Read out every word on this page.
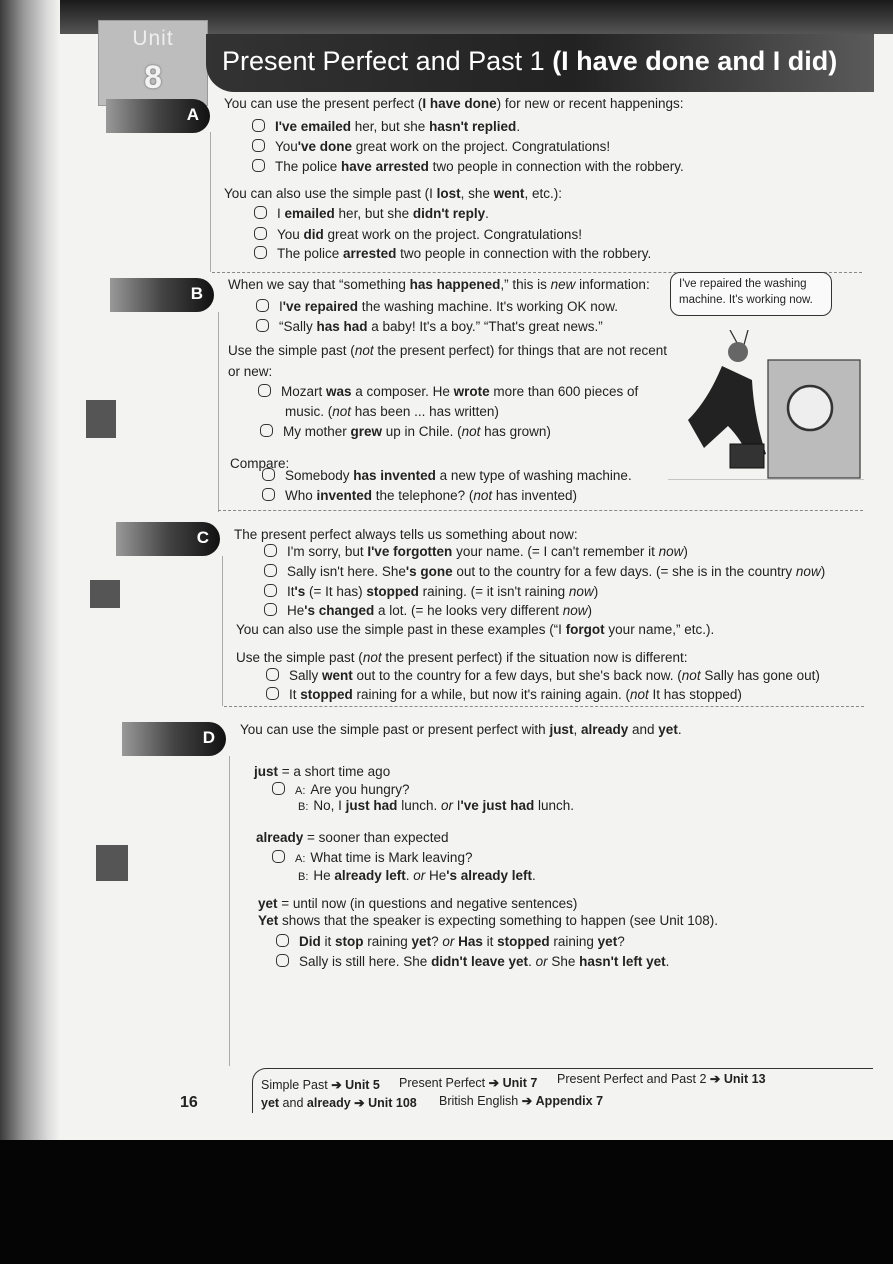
Unit
8	Present Perfect and Past 1 (I have done and I did)
A
You can use the present perfect (I have done) for new or recent happenings:
I've emailed her, but she hasn't replied.
You've done great work on the project. Congratulations!
The police have arrested two people in connection with the robbery.
You can also use the simple past (I lost, she went, etc.):
I emailed her, but she didn't reply.
You did great work on the project. Congratulations!
The police arrested two people in connection with the robbery.
B When we say that “something has happened,” this is new information:
I've repaired the washing machine. It's working OK now.
“Sally has had a baby! It's a boy.” “That's great news.”
Use the simple past (not the present perfect) for things that are not recent
or new:
Mozart was a composer. He wrote more than 600 pieces of
music. (not has been ... has written)
My mother grew up in Chile. (not has grown)
Compare:
Somebody has invented a new type of washing machine.
Who invented the telephone? (not has invented)
I've repaired the washing machine. It's working now.
C The present perfect always tells us something about now:
I'm sorry, but I've forgotten your name. (= I can't remember it now)
Sally isn't here. She's gone out to the country for a few days. (= she is in the country now)
It's (= It has) stopped raining. (= it isn't raining now)
He's changed a lot. (= he looks very different now)
You can also use the simple past in these examples (“I forgot your name,” etc.).
Use the simple past (not the present perfect) if the situation now is different:
Sally went out to the country for a few days, but she's back now. (not Sally has gone out)
It stopped raining for a while, but now it's raining again. (not It has stopped)
D You can use the simple past or present perfect with just, already and yet.
just = a short time ago
A: Are you hungry?
B: No, I just had lunch. or I've just had lunch.
already = sooner than expected
A: What time is Mark leaving?
B: He already left. or He's already left.
yet = until now (in questions and negative sentences)
Yet shows that the speaker is expecting something to happen (see Unit 108).
Did it stop raining yet? or Has it stopped raining yet?
Sally is still here. She didn't leave yet. or She hasn't left yet.
16
Simple Past ➔ Unit 5 Present Perfect ➔ Unit 7 Present Perfect and Past 2 ➔ Unit 13
yet and already ➔ Unit 108 British English ➔ Appendix 7
